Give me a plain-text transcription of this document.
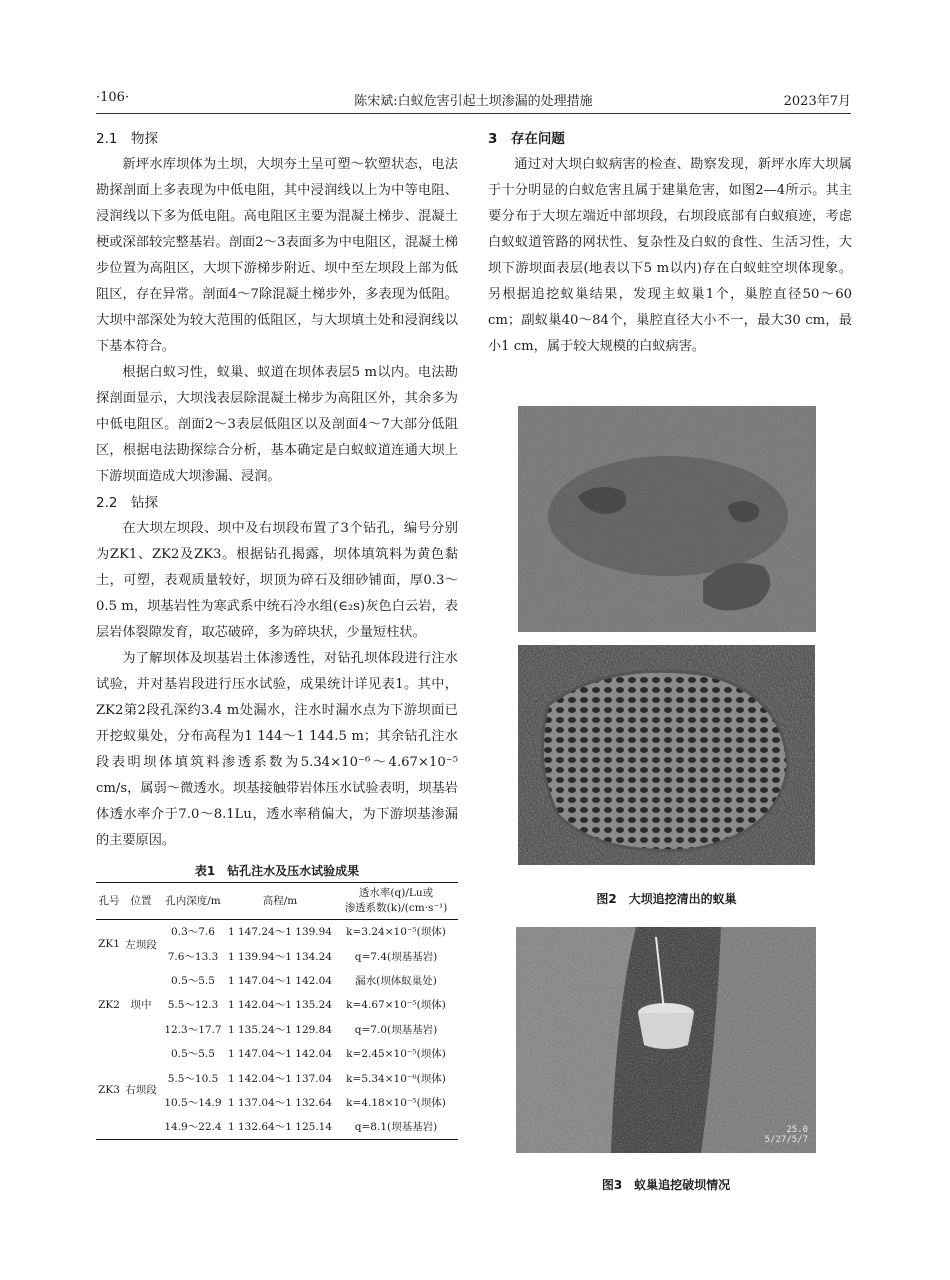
·106·	陈宋斌:白蚁危害引起土坝渗漏的处理措施	2023年7月
2.1　物探

新坪水库坝体为土坝，大坝夯土呈可塑～软塑状态，电法勘探剖面上多表现为中低电阻，其中浸润线以上为中等电阻、浸润线以下多为低电阻。高电阻区主要为混凝土梯步、混凝土梗或深部较完整基岩。剖面2～3表面多为中电阻区，混凝土梯步位置为高阻区，大坝下游梯步附近、坝中至左坝段上部为低阻区，存在异常。剖面4～7除混凝土梯步外，多表现为低阻。大坝中部深处为较大范围的低阻区，与大坝填土处和浸润线以下基本符合。

根据白蚁习性，蚁巢、蚁道在坝体表层5 m以内。电法勘探剖面显示，大坝浅表层除混凝土梯步为高阻区外，其余多为中低电阻区。剖面2～3表层低阻区以及剖面4～7大部分低阻区，根据电法勘探综合分析，基本确定是白蚁蚁道连通大坝上下游坝面造成大坝渗漏、浸润。

2.2　钻探

在大坝左坝段、坝中及右坝段布置了3个钻孔，编号分别为ZK1、ZK2及ZK3。根据钻孔揭露，坝体填筑料为黄色黏土，可塑，表观质量较好，坝顶为碎石及细砂铺面，厚0.3～0.5 m，坝基岩性为寒武系中统石冷水组(∈₂s)灰色白云岩，表层岩体裂隙发育，取芯破碎，多为碎块状，少量短柱状。

为了解坝体及坝基岩土体渗透性，对钻孔坝体段进行注水试验，并对基岩段进行压水试验，成果统计详见表1。其中，ZK2第2段孔深约3.4 m处漏水，注水时漏水点为下游坝面已开挖蚁巢处，分布高程为1 144～1 144.5 m；其余钻孔注水段表明坝体填筑料渗透系数为5.34×10⁻⁶～4.67×10⁻⁵ cm/s，属弱～微透水。坝基接触带岩体压水试验表明，坝基岩体透水率介于7.0～8.1Lu，透水率稍偏大，为下游坝基渗漏的主要原因。

表1　钻孔注水及压水试验成果
孔号	位置	孔内深度/m	高程/m	透水率(q)/Lu或
渗透系数(k)/(cm·s⁻¹)
ZK1	左坝段	0.3～7.6	1 147.24～1 139.94	k=3.24×10⁻⁵(坝体)
		7.6～13.3	1 139.94～1 134.24	q=7.4(坝基基岩)
ZK2	坝中	0.5～5.5	1 147.04～1 142.04	漏水(坝体蚁巢处)
		5.5～12.3	1 142.04～1 135.24	k=4.67×10⁻⁵(坝体)
		12.3～17.7	1 135.24～1 129.84	q=7.0(坝基基岩)
ZK3	右坝段	0.5～5.5	1 147.04～1 142.04	k=2.45×10⁻⁵(坝体)
		5.5～10.5	1 142.04～1 137.04	k=5.34×10⁻⁶(坝体)
		10.5～14.9	1 137.04～1 132.64	k=4.18×10⁻⁵(坝体)
		14.9～22.4	1 132.64～1 125.14	q=8.1(坝基基岩)
3　存在问题

通过对大坝白蚁病害的检查、勘察发现，新坪水库大坝属于十分明显的白蚁危害且属于建巢危害，如图2—4所示。其主要分布于大坝左端近中部坝段，右坝段底部有白蚁痕迹，考虑白蚁蚁道管路的网状性、复杂性及白蚁的食性、生活习性，大坝下游坝面表层(地表以下5 m以内)存在白蚁蛀空坝体现象。另根据追挖蚁巢结果，发现主蚁巢1个，巢腔直径50～60 cm；副蚁巢40～84个，巢腔直径大小不一，最大30 cm，最小1 cm，属于较大规模的白蚁病害。

图2　大坝追挖清出的蚁巢
25.0
5/27/5/7
图3　蚁巢追挖破坝情况
